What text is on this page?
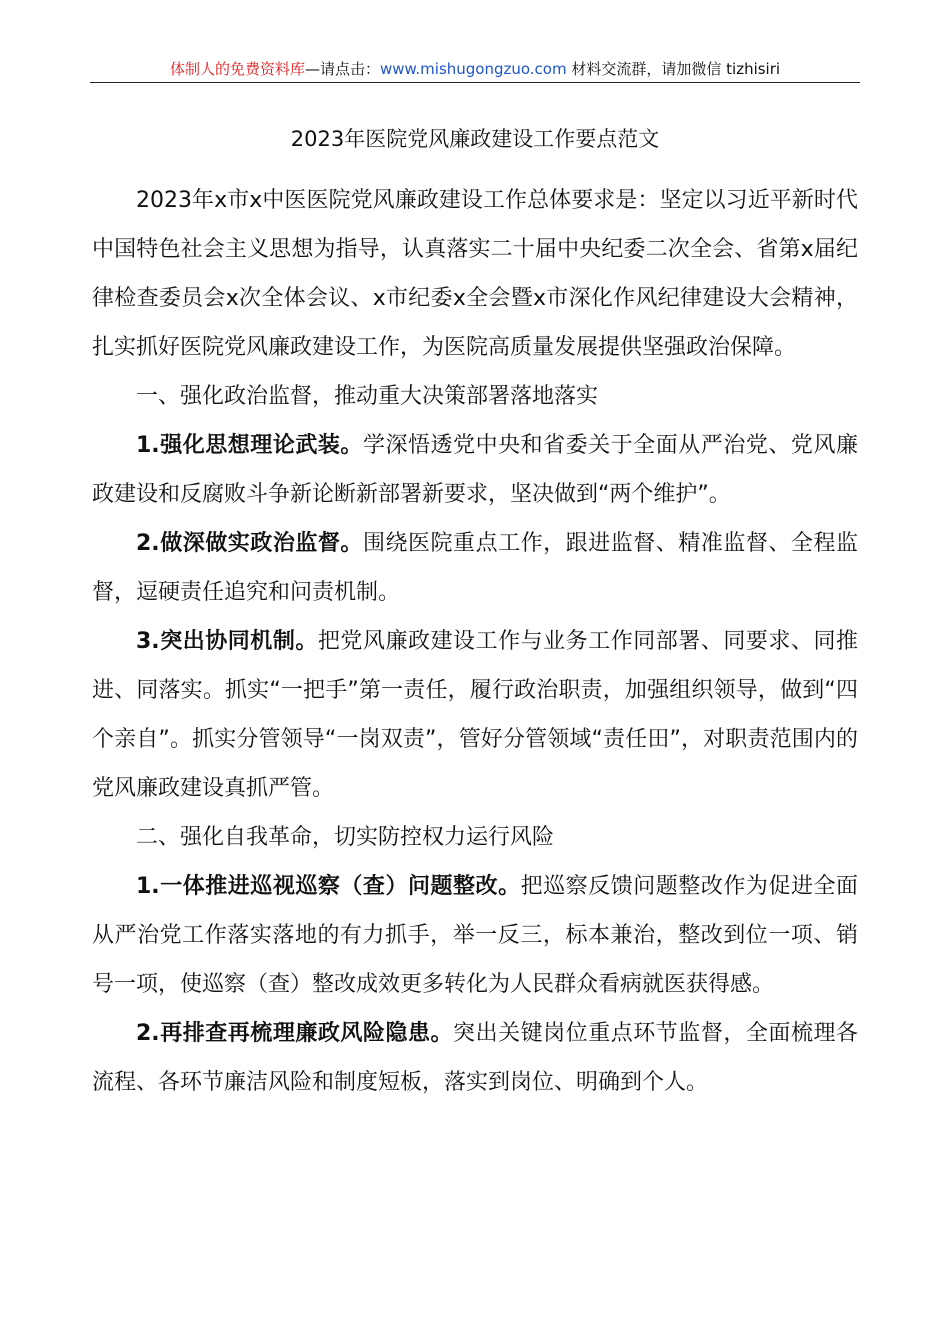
体制人的免费资料库—请点击：www.mishugongzuo.com 材料交流群，请加微信 tizhisiri
2023年医院党风廉政建设工作要点范文

2023年x市x中医医院党风廉政建设工作总体要求是：坚定以习近平新时代中国特色社会主义思想为指导，认真落实二十届中央纪委二次全会、省第x届纪律检查委员会x次全体会议、x市纪委x全会暨x市深化作风纪律建设大会精神，扎实抓好医院党风廉政建设工作，为医院高质量发展提供坚强政治保障。

一、强化政治监督，推动重大决策部署落地落实

1.强化思想理论武装。学深悟透党中央和省委关于全面从严治党、党风廉政建设和反腐败斗争新论断新部署新要求，坚决做到“两个维护”。

2.做深做实政治监督。围绕医院重点工作，跟进监督、精准监督、全程监督，逗硬责任追究和问责机制。

3.突出协同机制。把党风廉政建设工作与业务工作同部署、同要求、同推进、同落实。抓实“一把手”第一责任，履行政治职责，加强组织领导，做到“四个亲自”。抓实分管领导“一岗双责”，管好分管领域“责任田”，对职责范围内的党风廉政建设真抓严管。

二、强化自我革命，切实防控权力运行风险

1.一体推进巡视巡察（查）问题整改。把巡察反馈问题整改作为促进全面从严治党工作落实落地的有力抓手，举一反三，标本兼治，整改到位一项、销号一项，使巡察（查）整改成效更多转化为人民群众看病就医获得感。

2.再排查再梳理廉政风险隐患。突出关键岗位重点环节监督，全面梳理各流程、各环节廉洁风险和制度短板，落实到岗位、明确到个人。
